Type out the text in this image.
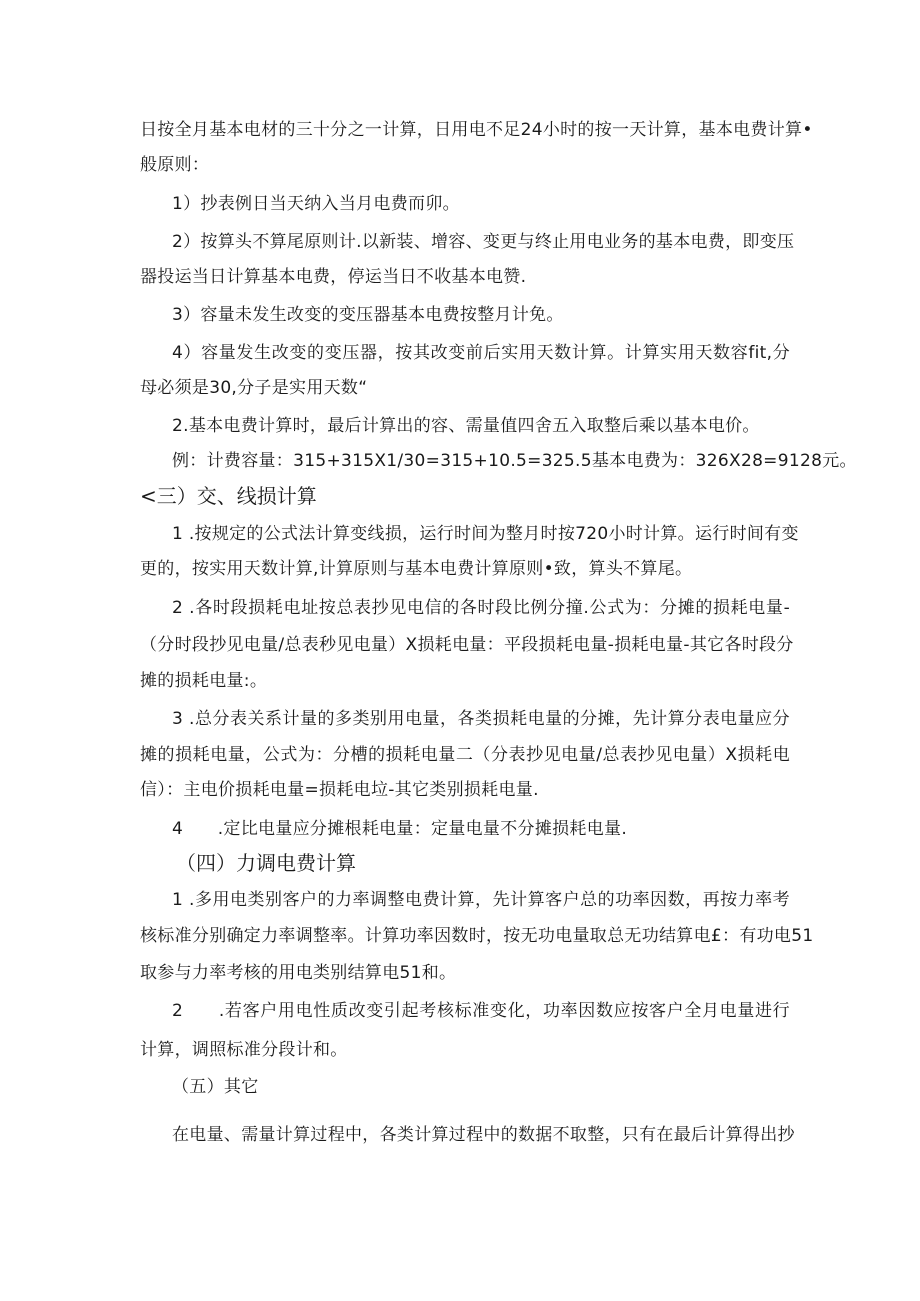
日按全月基本电材的三十分之一计算，日用电不足24小时的按一天计算，基本电费计算•
般原则：
1）抄表例日当天纳入当月电费而卯。
2）按算头不算尾原则计.以新装、增容、变更与终止用电业务的基本电费，即变压
器投运当日计算基本电费，停运当日不收基本电赞.
3）容量未发生改变的变压器基本电费按整月计免。
4）容量发生改变的变压器，按其改变前后实用天数计算。计算实用天数容fit,分
母必须是30,分子是实用天数“
2.基本电费计算时，最后计算出的容、需量值四舍五入取整后乘以基本电价。
例：计费容量：315+315X1/30=315+10.5=325.5基本电费为：326X28=9128元。
<三）交、线损计算
1 .按规定的公式法计算变线损，运行时间为整月时按720小时计算。运行时间有变
更的，按实用天数计算,计算原则与基本电费计算原则•致，算头不算尾。
2 .各时段损耗电址按总表抄见电信的各时段比例分撞.公式为：分摊的损耗电量-
（分时段抄见电量/总表秒见电量）X损耗电量：平段损耗电量-损耗电量-其它各时段分
摊的损耗电量:。
3 .总分表关系计量的多类别用电量，各类损耗电量的分摊，先计算分表电量应分
摊的损耗电量，公式为：分槽的损耗电量二（分表抄见电量/总表抄见电量）X损耗电
信）：主电价损耗电量=损耗电垃-其它类别损耗电量.
4　　.定比电量应分摊根耗电量：定量电量不分摊损耗电量.
（四）力调电费计算
1 .多用电类别客户的力率调整电费计算，先计算客户总的功率因数，再按力率考
核标准分别确定力率调整率。计算功率因数时，按无功电量取总无功结算电£：有功电51
取参与力率考核的用电类别结算电51和。
2　　.若客户用电性质改变引起考核标准变化，功率因数应按客户全月电量进行
计算，调照标准分段计和。
（五）其它
在电量、需量计算过程中，各类计算过程中的数据不取整，只有在最后计算得出抄
